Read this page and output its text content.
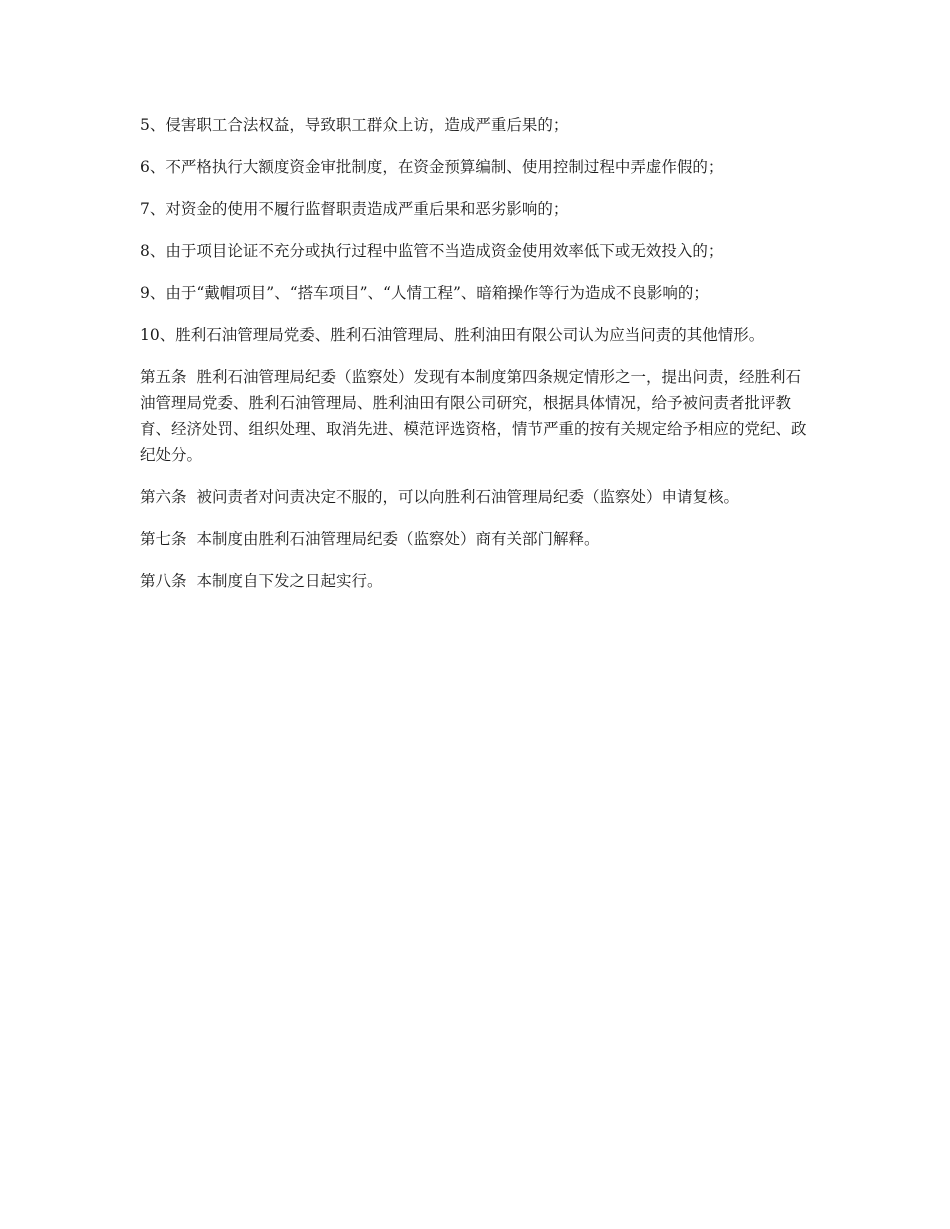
5、侵害职工合法权益，导致职工群众上访，造成严重后果的；

6、不严格执行大额度资金审批制度，在资金预算编制、使用控制过程中弄虚作假的；

7、对资金的使用不履行监督职责造成严重后果和恶劣影响的；

8、由于项目论证不充分或执行过程中监管不当造成资金使用效率低下或无效投入的；

9、由于“戴帽项目”、“搭车项目”、“人情工程”、暗箱操作等行为造成不良影响的；

10、胜利石油管理局党委、胜利石油管理局、胜利油田有限公司认为应当问责的其他情形。

第五条 胜利石油管理局纪委（监察处）发现有本制度第四条规定情形之一，提出问责，经胜利石油管理局党委、胜利石油管理局、胜利油田有限公司研究，根据具体情况，给予被问责者批评教育、经济处罚、组织处理、取消先进、模范评选资格，情节严重的按有关规定给予相应的党纪、政纪处分。

第六条 被问责者对问责决定不服的，可以向胜利石油管理局纪委（监察处）申请复核。

第七条 本制度由胜利石油管理局纪委（监察处）商有关部门解释。

第八条 本制度自下发之日起实行。
